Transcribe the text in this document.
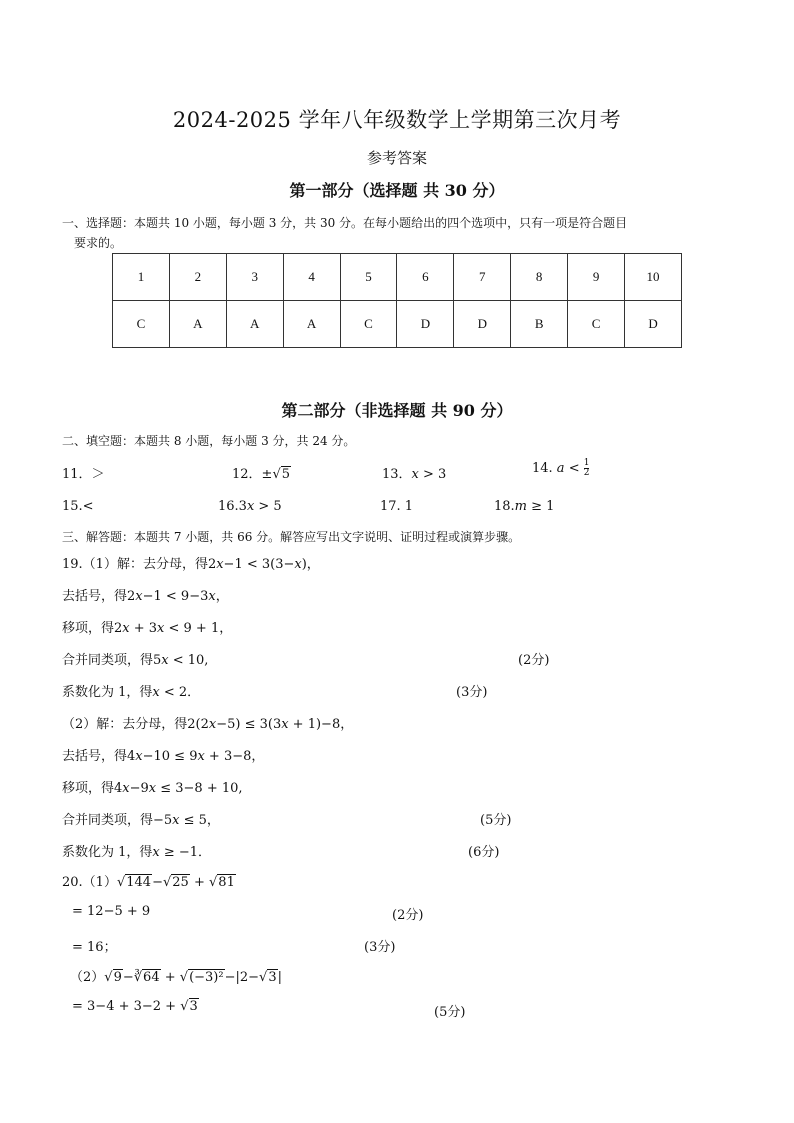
2024-2025 学年八年级数学上学期第三次月考
参考答案
第一部分（选择题 共 30 分）
一、选择题：本题共 10 小题，每小题 3 分，共 30 分。在每小题给出的四个选项中，只有一项是符合题目
要求的。
1	2	3	4	5	6	7	8	9	10
C	A	A	A	C	D	D	B	C	D
第二部分（非选择题 共 90 分）
二、填空题：本题共 8 小题，每小题 3 分，共 24 分。
11．＞	12．±√5	13．𝑥 > 3	14. 𝑎 < $\frac{1}{2}$
15.<	16.3𝑥 > 5	17. 1	18.𝑚 ≥ 1
三、解答题：本题共 7 小题，共 66 分。解答应写出文字说明、证明过程或演算步骤。
19.（1）解：去分母，得2𝑥−1 < 3(3−𝑥)，
去括号，得2𝑥−1 < 9−3𝑥，
移项，得2𝑥 + 3𝑥 < 9 + 1，
合并同类项，得5𝑥 < 10,	(2分)
系数化为 1，得𝑥 < 2．	(3分)
（2）解：去分母，得2(2𝑥−5) ≤ 3(3𝑥 + 1)−8，
去括号，得4𝑥−10 ≤ 9𝑥 + 3−8，
移项，得4𝑥−9𝑥 ≤ 3−8 + 10,
合并同类项，得−5𝑥 ≤ 5，	(5分)
系数化为 1，得𝑥 ≥ −1．	(6分)
20.（1）√144−√25 + √81
= 12−5 + 9	(2分)
= 16；	(3分)
（2）√9−∛64 + √(−3)²−|2−√3|
= 3−4 + 3−2 + √3	(5分)
